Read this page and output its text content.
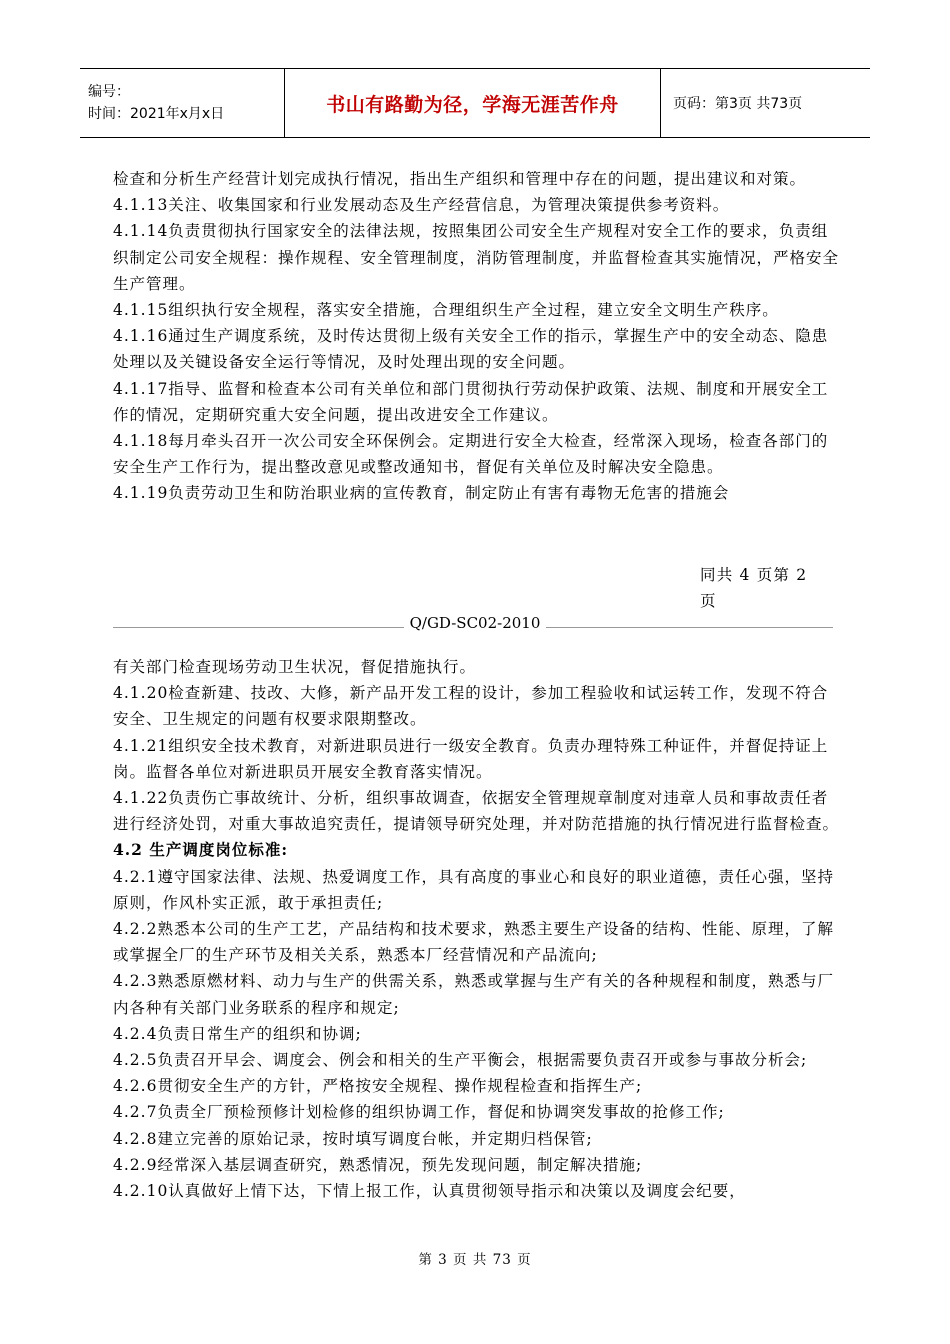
编号：
时间：2021年x月x日	书山有路勤为径，学海无涯苦作舟	页码：第3页 共73页

检查和分析生产经营计划完成执行情况，指出生产组织和管理中存在的问题，提出建议和对策。

4.1.13关注、收集国家和行业发展动态及生产经营信息，为管理决策提供参考资料。

4.1.14负责贯彻执行国家安全的法律法规，按照集团公司安全生产规程对安全工作的要求，负责组织制定公司安全规程：操作规程、安全管理制度，消防管理制度，并监督检查其实施情况，严格安全生产管理。

4.1.15组织执行安全规程，落实安全措施，合理组织生产全过程，建立安全文明生产秩序。

4.1.16通过生产调度系统，及时传达贯彻上级有关安全工作的指示，掌握生产中的安全动态、隐患处理以及关键设备安全运行等情况，及时处理出现的安全问题。

4.1.17指导、监督和检查本公司有关单位和部门贯彻执行劳动保护政策、法规、制度和开展安全工作的情况，定期研究重大安全问题，提出改进安全工作建议。

4.1.18每月牵头召开一次公司安全环保例会。定期进行安全大检查，经常深入现场，检查各部门的安全生产工作行为，提出整改意见或整改通知书，督促有关单位及时解决安全隐患。

4.1.19负责劳动卫生和防治职业病的宣传教育，制定防止有害有毒物无危害的措施会

同共 4 页第 2
页
Q/GD-SC02-2010

有关部门检查现场劳动卫生状况，督促措施执行。

4.1.20检查新建、技改、大修，新产品开发工程的设计，参加工程验收和试运转工作，发现不符合安全、卫生规定的问题有权要求限期整改。

4.1.21组织安全技术教育，对新进职员进行一级安全教育。负责办理特殊工种证件，并督促持证上岗。监督各单位对新进职员开展安全教育落实情况。

4.1.22负责伤亡事故统计、分析，组织事故调查，依据安全管理规章制度对违章人员和事故责任者进行经济处罚，对重大事故追究责任，提请领导研究处理，并对防范措施的执行情况进行监督检查。

4.2 生产调度岗位标准:

4.2.1遵守国家法律、法规、热爱调度工作，具有高度的事业心和良好的职业道德，责任心强，坚持原则，作风朴实正派，敢于承担责任;

4.2.2熟悉本公司的生产工艺，产品结构和技术要求，熟悉主要生产设备的结构、性能、原理，了解或掌握全厂的生产环节及相关关系，熟悉本厂经营情况和产品流向;

4.2.3熟悉原燃材料、动力与生产的供需关系，熟悉或掌握与生产有关的各种规程和制度，熟悉与厂内各种有关部门业务联系的程序和规定;

4.2.4负责日常生产的组织和协调;

4.2.5负责召开早会、调度会、例会和相关的生产平衡会，根据需要负责召开或参与事故分析会;

4.2.6贯彻安全生产的方针，严格按安全规程、操作规程检查和指挥生产;

4.2.7负责全厂预检预修计划检修的组织协调工作，督促和协调突发事故的抢修工作;

4.2.8建立完善的原始记录，按时填写调度台帐，并定期归档保管;

4.2.9经常深入基层调查研究，熟悉情况，预先发现问题，制定解决措施;

4.2.10认真做好上情下达，下情上报工作，认真贯彻领导指示和决策以及调度会纪要，

第 3 页 共 73 页
